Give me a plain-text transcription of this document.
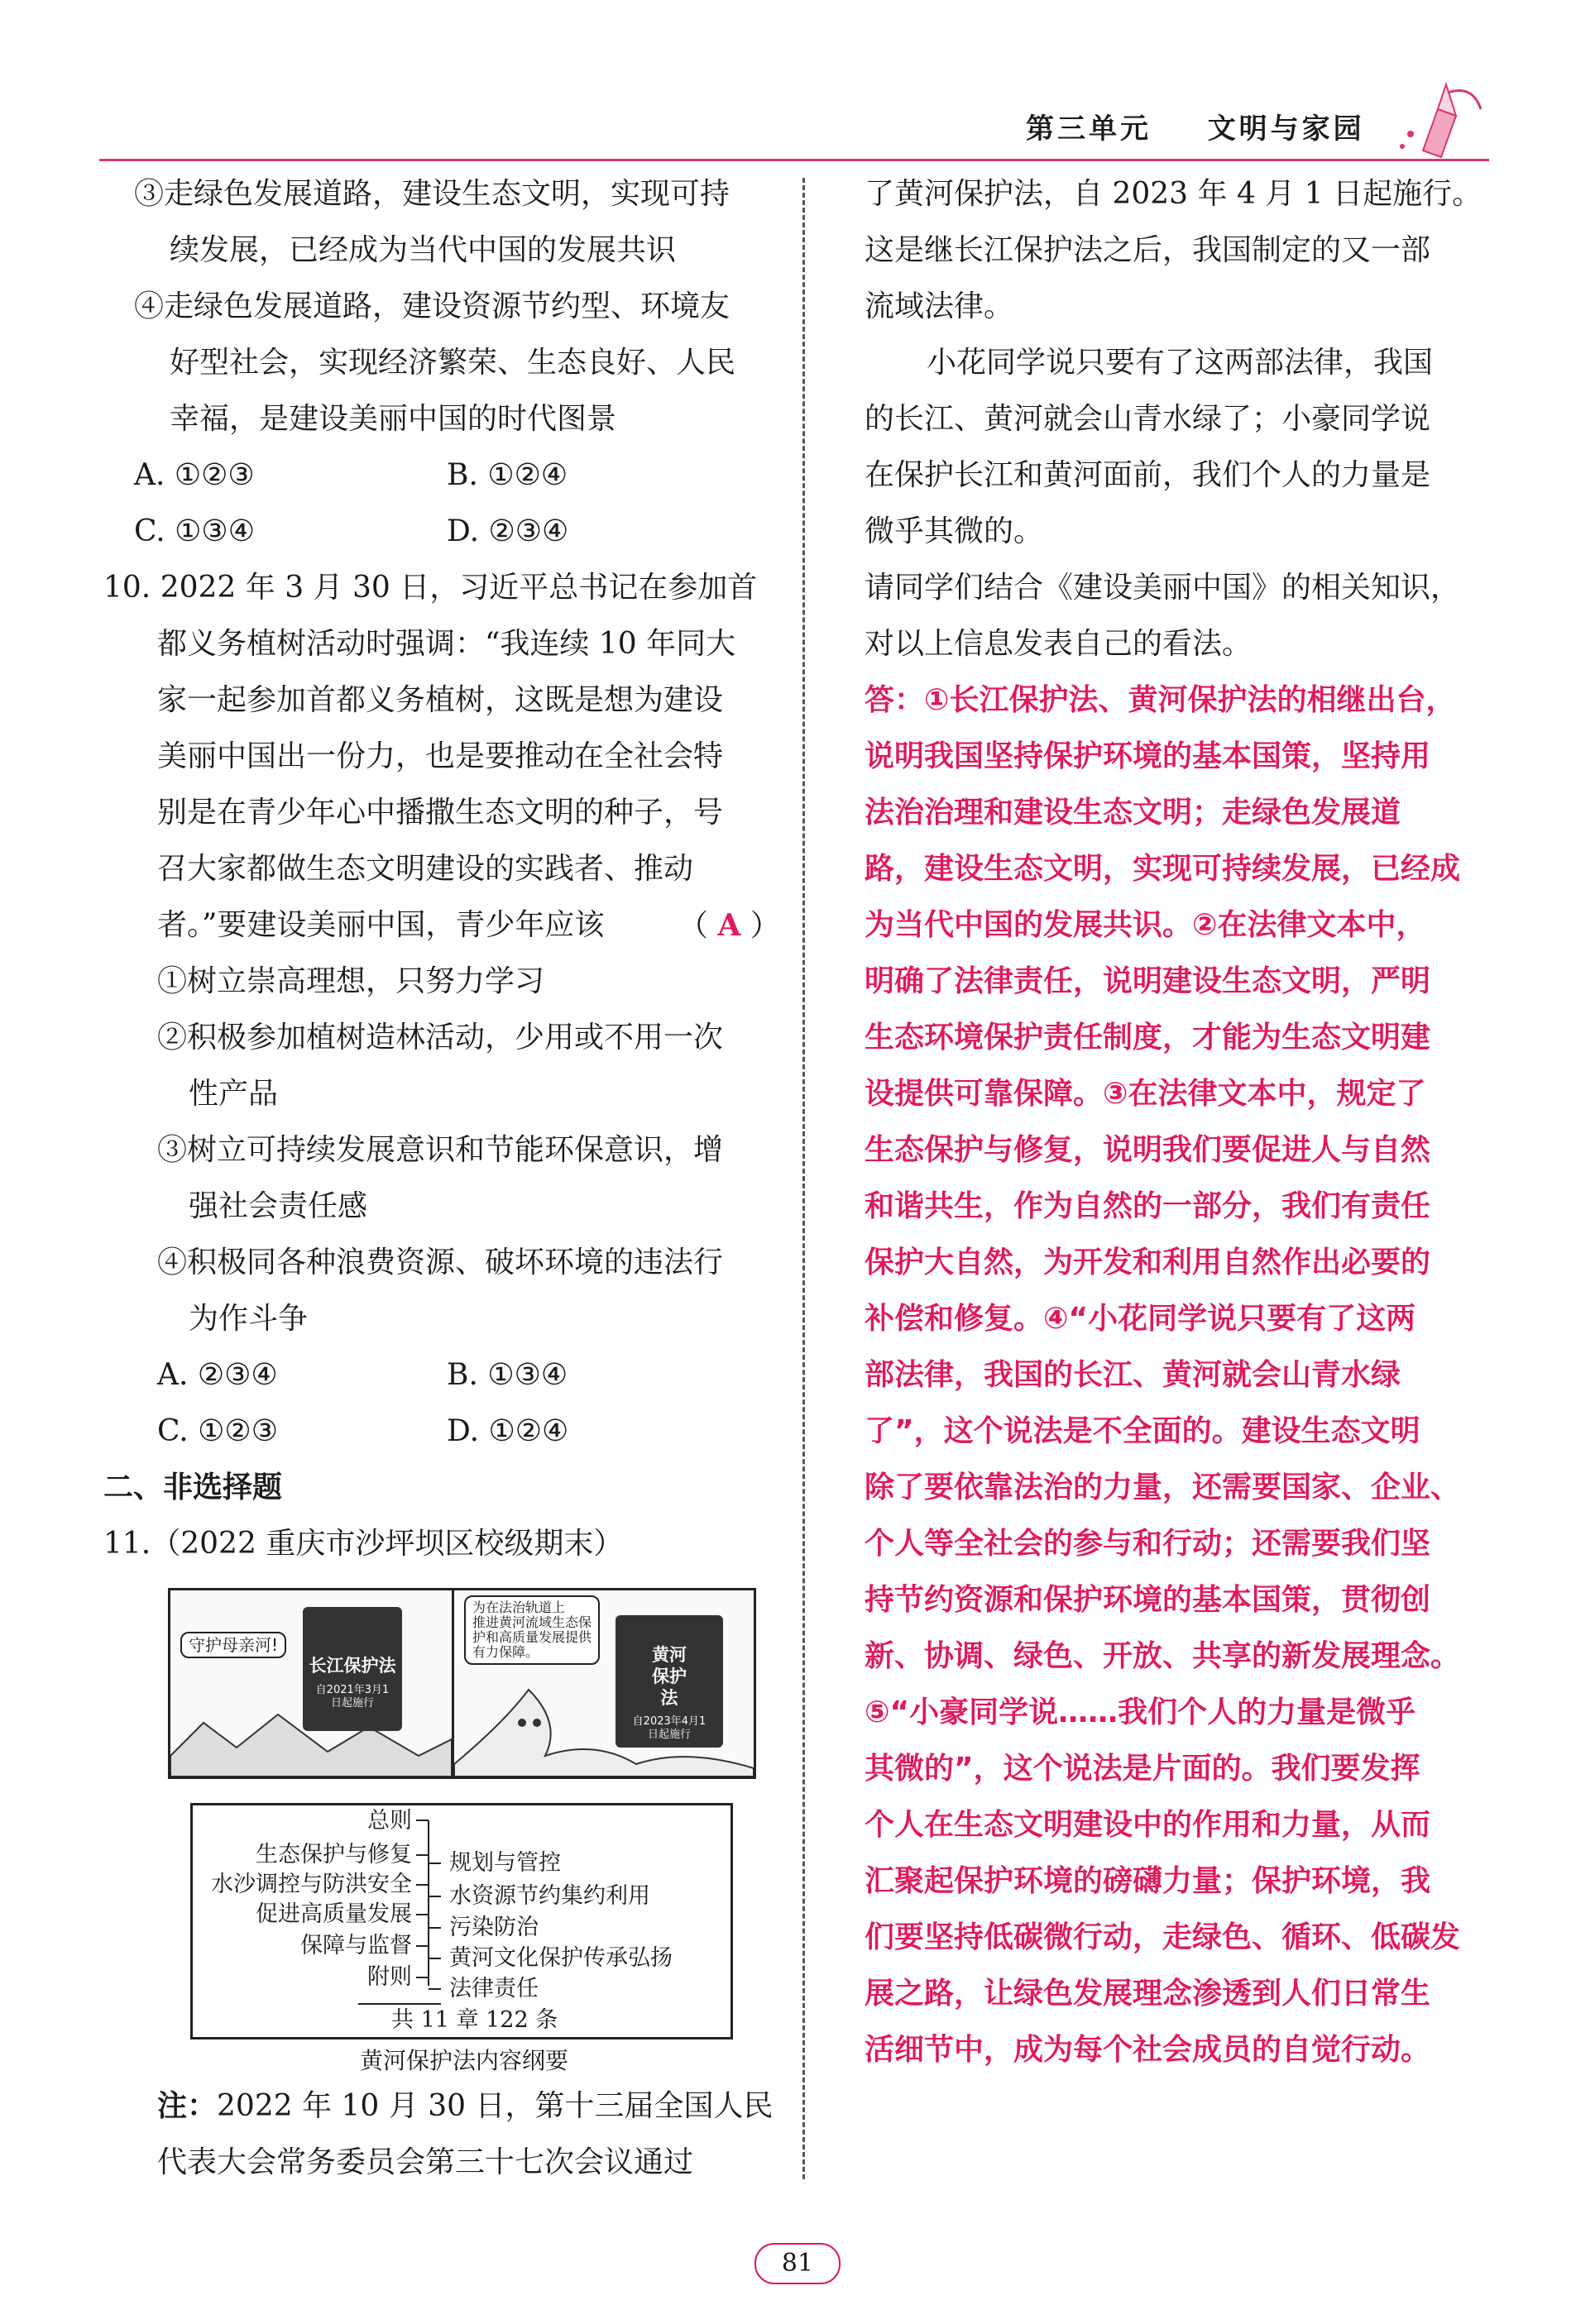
第三单元 文明与家园
③走绿色发展道路，建设生态文明，实现可持
续发展，已经成为当代中国的发展共识
④走绿色发展道路，建设资源节约型、环境友
好型社会，实现经济繁荣、生态良好、人民
幸福，是建设美丽中国的时代图景
A. ①②③	B. ①②④
C. ①③④	D. ②③④
10. 2022 年 3 月 30 日，习近平总书记在参加首
都义务植树活动时强调：“我连续 10 年同大
家一起参加首都义务植树，这既是想为建设
美丽中国出一份力，也是要推动在全社会特
别是在青少年心中播撒生态文明的种子，号
召大家都做生态文明建设的实践者、推动
者。”要建设美丽中国，青少年应该 （ A ）
①树立崇高理想，只努力学习
②积极参加植树造林活动，少用或不用一次
性产品
③树立可持续发展意识和节能环保意识，增
强社会责任感
④积极同各种浪费资源、破坏环境的违法行
为作斗争
A. ②③④	B. ①③④
C. ①②③	D. ①②④
二、非选择题
11.（2022 重庆市沙坪坝区校级期末）
守护母亲河!
长江保护法
自2021年3月1日起施行
为在法治轨道上
推进黄河流域生态保
护和高质量发展提供
有力保障。	黄河保护法
自2023年4月1日起施行
总则
生态保护与修复
水沙调控与防洪安全
促进高质量发展
保障与监督
附则
规划与管控
水资源节约集约利用
污染防治
黄河文化保护传承弘扬
法律责任
共 11 章 122 条
黄河保护法内容纲要
注：2022 年 10 月 30 日，第十三届全国人民
代表大会常务委员会第三十七次会议通过
了黄河保护法，自 2023 年 4 月 1 日起施行。
这是继长江保护法之后，我国制定的又一部
流域法律。
小花同学说只要有了这两部法律，我国
的长江、黄河就会山青水绿了；小豪同学说
在保护长江和黄河面前，我们个人的力量是
微乎其微的。
请同学们结合《建设美丽中国》的相关知识，
对以上信息发表自己的看法。
答：①长江保护法、黄河保护法的相继出台，
说明我国坚持保护环境的基本国策，坚持用
法治治理和建设生态文明；走绿色发展道
路，建设生态文明，实现可持续发展，已经成
为当代中国的发展共识。②在法律文本中，
明确了法律责任，说明建设生态文明，严明
生态环境保护责任制度，才能为生态文明建
设提供可靠保障。③在法律文本中，规定了
生态保护与修复，说明我们要促进人与自然
和谐共生，作为自然的一部分，我们有责任
保护大自然，为开发和利用自然作出必要的
补偿和修复。④“小花同学说只要有了这两
部法律，我国的长江、黄河就会山青水绿
了”，这个说法是不全面的。建设生态文明
除了要依靠法治的力量，还需要国家、企业、
个人等全社会的参与和行动；还需要我们坚
持节约资源和保护环境的基本国策，贯彻创
新、协调、绿色、开放、共享的新发展理念。
⑤“小豪同学说……我们个人的力量是微乎
其微的”，这个说法是片面的。我们要发挥
个人在生态文明建设中的作用和力量，从而
汇聚起保护环境的磅礴力量；保护环境，我
们要坚持低碳微行动，走绿色、循环、低碳发
展之路，让绿色发展理念渗透到人们日常生
活细节中，成为每个社会成员的自觉行动。
81
